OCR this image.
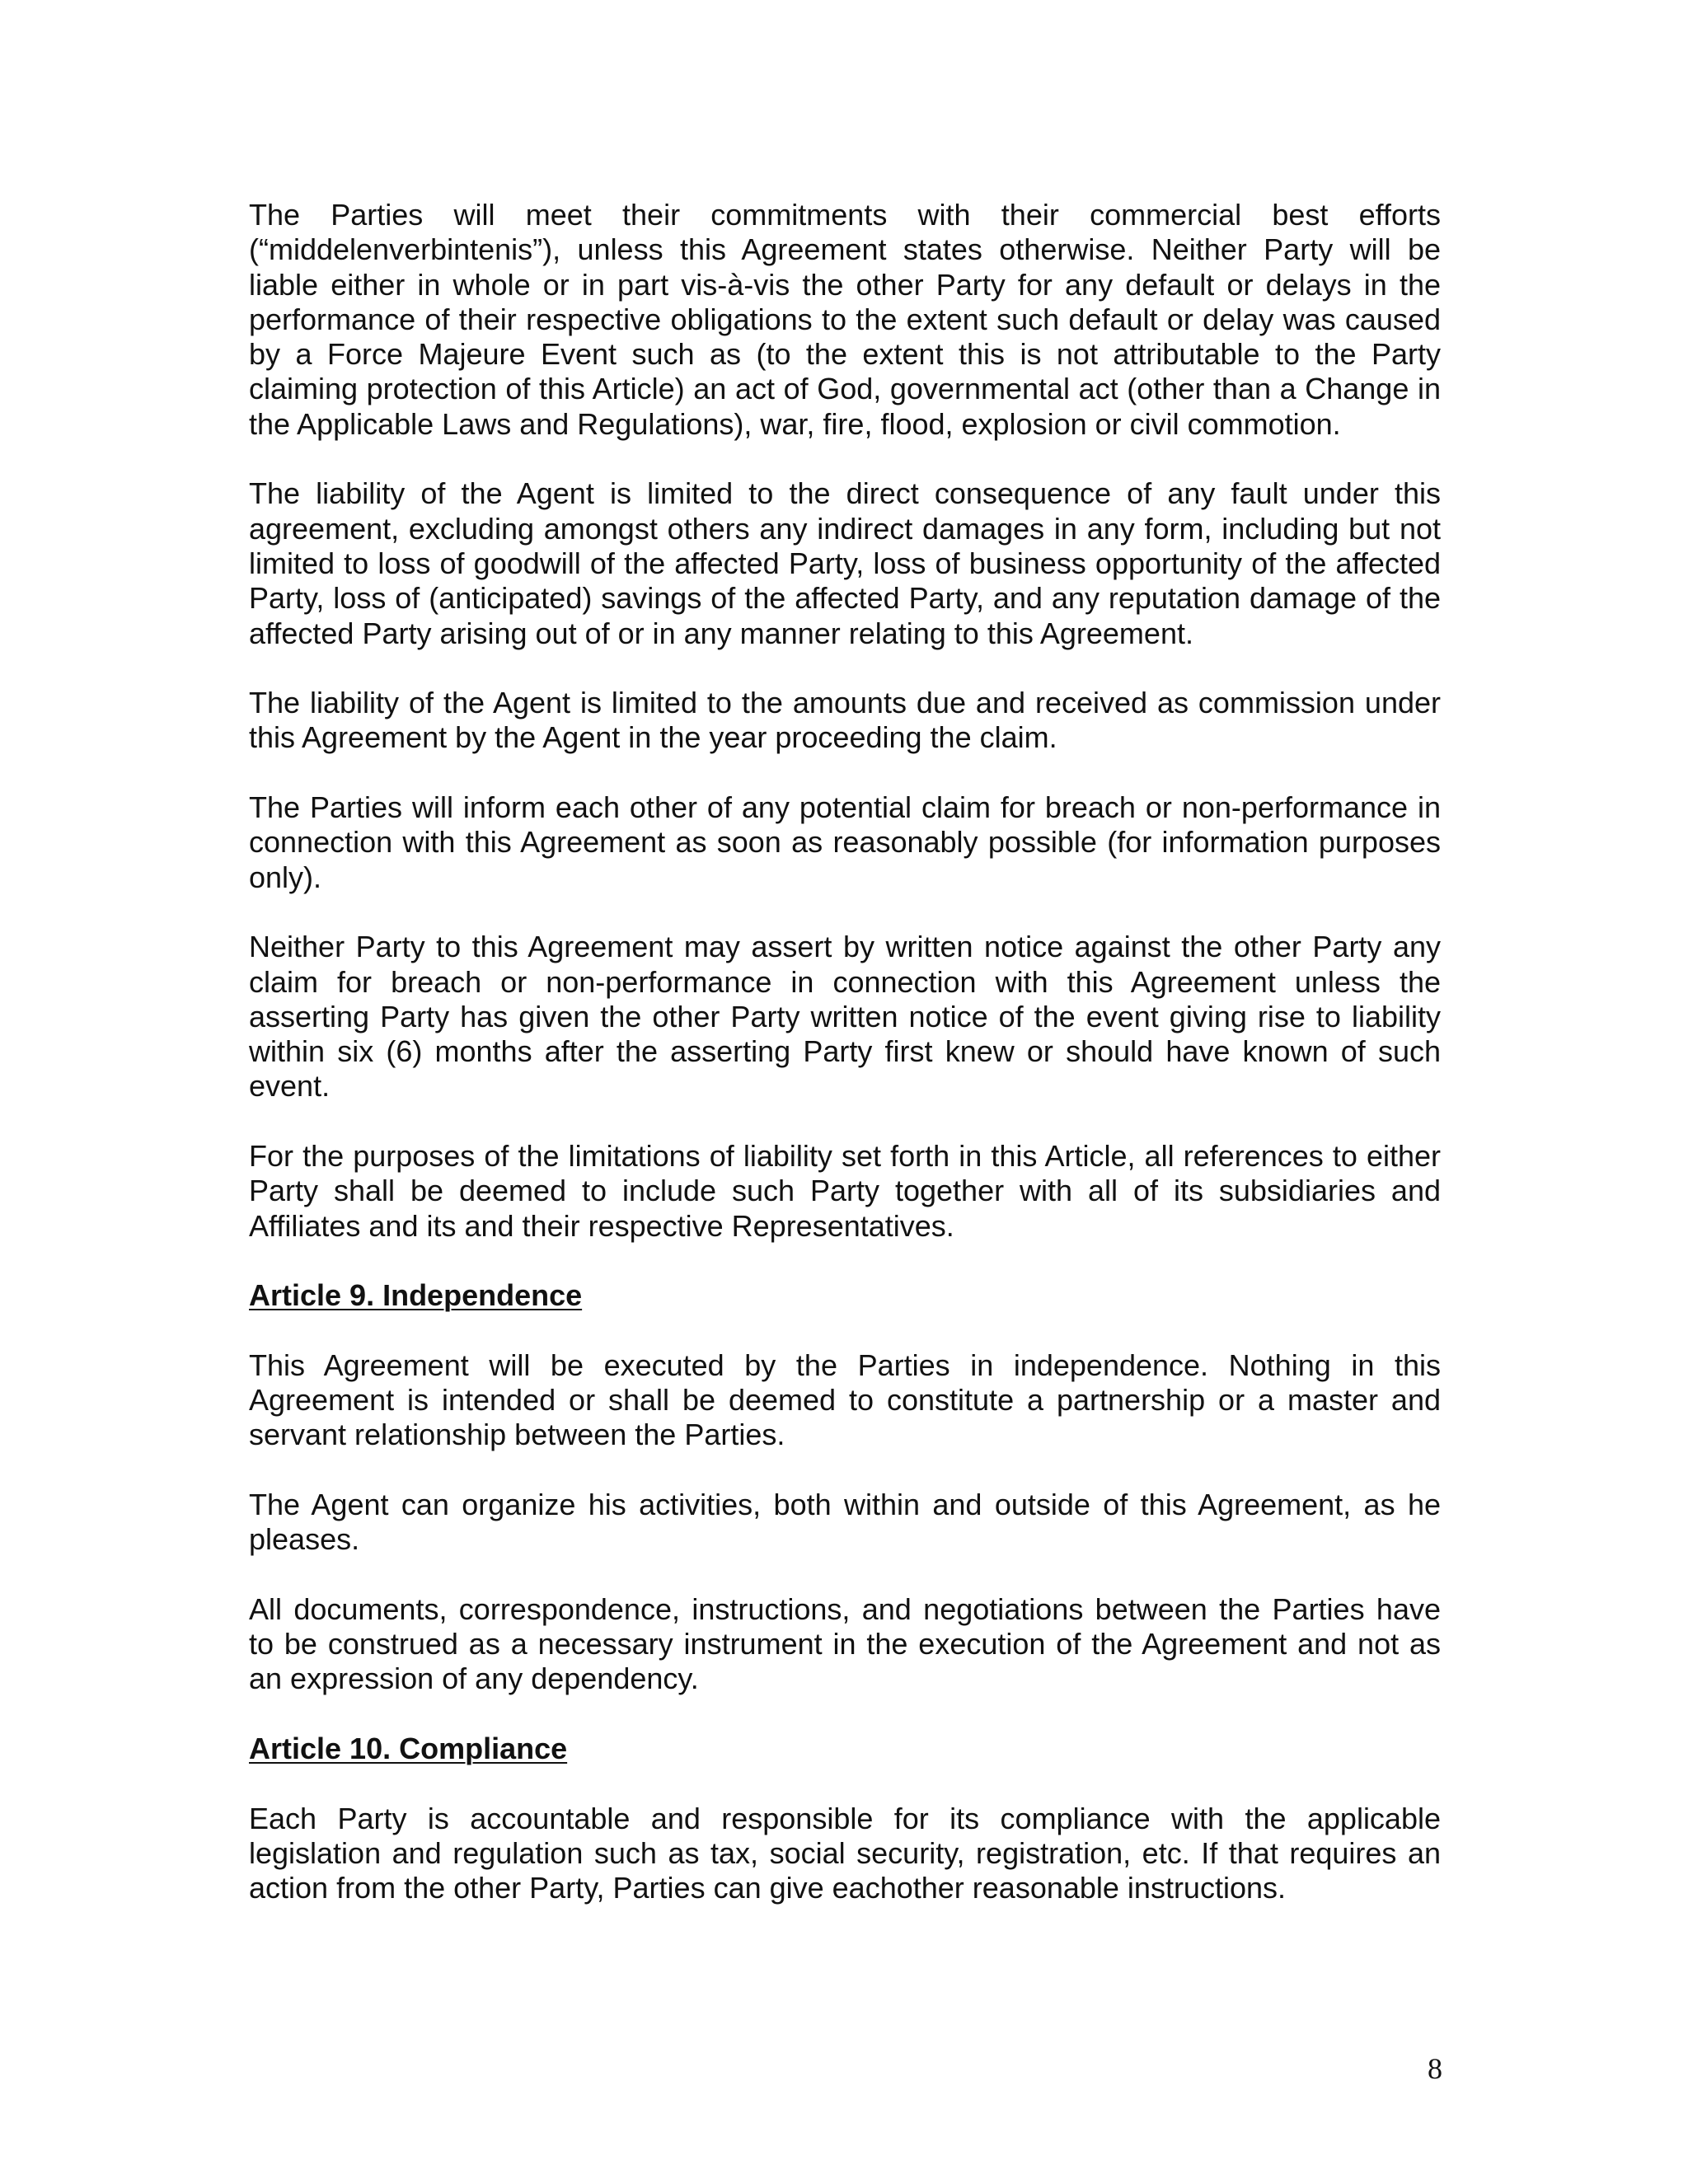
The Parties will meet their commitments with their commercial best efforts (“middelenverbintenis”), unless this Agreement states otherwise. Neither Party will be liable either in whole or in part vis-à-vis the other Party for any default or delays in the performance of their respective obligations to the extent such default or delay was caused by a Force Majeure Event such as (to the extent this is not attributable to the Party claiming protection of this Article) an act of God, governmental act (other than a Change in the Applicable Laws and Regulations), war, fire, flood, explosion or civil commotion.

The liability of the Agent is limited to the direct consequence of any fault under this agreement, excluding amongst others any indirect damages in any form, including but not limited to loss of goodwill of the affected Party, loss of business opportunity of the affected Party, loss of (anticipated) savings of the affected Party, and any reputation damage of the affected Party arising out of or in any manner relating to this Agreement.

The liability of the Agent is limited to the amounts due and received as commission under this Agreement by the Agent in the year proceeding the claim.

The Parties will inform each other of any potential claim for breach or non-performance in connection with this Agreement as soon as reasonably possible (for information purposes only).

Neither Party to this Agreement may assert by written notice against the other Party any claim for breach or non-performance in connection with this Agreement unless the asserting Party has given the other Party written notice of the event giving rise to liability within six (6) months after the asserting Party first knew or should have known of such event.

For the purposes of the limitations of liability set forth in this Article, all references to either Party shall be deemed to include such Party together with all of its subsidiaries and Affiliates and its and their respective Representatives.

Article 9. Independence

This Agreement will be executed by the Parties in independence. Nothing in this Agreement is intended or shall be deemed to constitute a partnership or a master and servant relationship between the Parties.

The Agent can organize his activities, both within and outside of this Agreement, as he pleases.

All documents, correspondence, instructions, and negotiations between the Parties have to be construed as a necessary instrument in the execution of the Agreement and not as an expression of any dependency.

Article 10. Compliance

Each Party is accountable and responsible for its compliance with the applicable legislation and regulation such as tax, social security, registration, etc. If that requires an action from the other Party, Parties can give eachother reasonable instructions.

8
